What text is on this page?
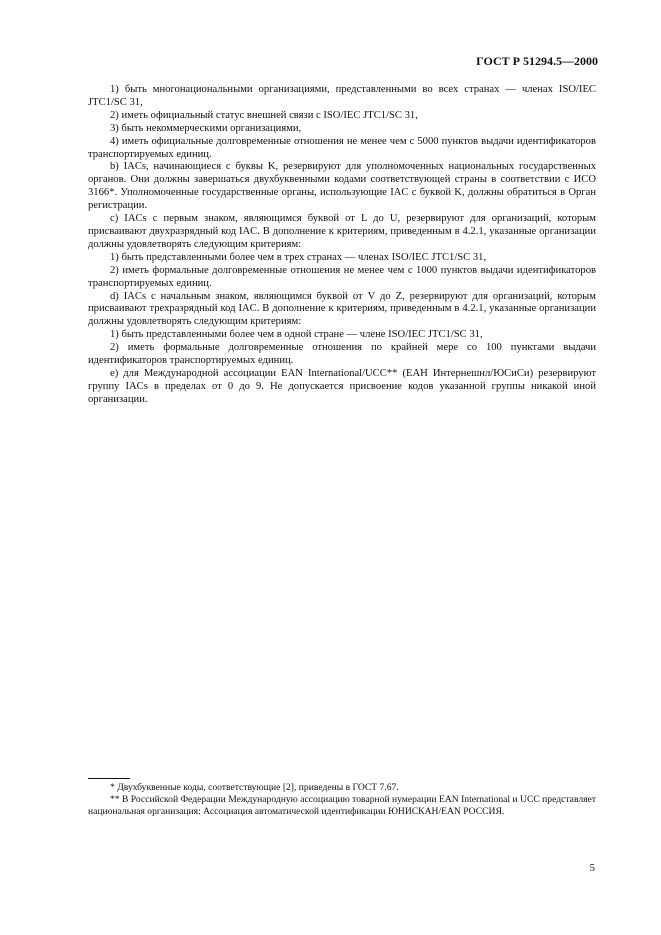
ГОСТ Р 51294.5—2000

1) быть многонациональными организациями, представленными во всех странах — членах ISO/IEC JTC1/SC 31,

2) иметь официальный статус внешней связи с ISO/IEC JTC1/SC 31,

3) быть некоммерческими организациями,

4) иметь официальные долговременные отношения не менее чем с 5000 пунктов выдачи идентификаторов транспортируемых единиц.

b) IACs, начинающиеся с буквы K, резервируют для уполномоченных национальных государственных органов. Они должны завершаться двухбуквенными кодами соответствующей страны в соответствии с ИСО 3166*. Уполномоченные государственные органы, использующие IAC с буквой K, должны обратиться в Орган регистрации.

c) IACs с первым знаком, являющимся буквой от L до U, резервируют для организаций, которым присваивают двухразрядный код IAC. В дополнение к критериям, приведенным в 4.2.1, указанные организации должны удовлетворять следующим критериям:

1) быть представленными более чем в трех странах — членах ISO/IEC JTC1/SC 31,

2) иметь формальные долговременные отношения не менее чем с 1000 пунктов выдачи идентификаторов транспортируемых единиц.

d) IACs с начальным знаком, являющимся буквой от V до Z, резервируют для организаций, которым присваивают трехразрядный код IAC. В дополнение к критериям, приведенным в 4.2.1, указанные организации должны удовлетворять следующим критериям:

1) быть представленными более чем в одной стране — члене ISO/IEC JTC1/SC 31,

2) иметь формальные долговременные отношения по крайней мере со 100 пунктами выдачи идентификаторов транспортируемых единиц.

e) для Международной ассоциации EAN International/UCC** (ЕАН Интернешнл/ЮСиСи) резервируют группу IACs в пределах от 0 до 9. Не допускается присвоение кодов указанной группы никакой иной организации.

* Двухбуквенные коды, соответствующие [2], приведены в ГОСТ 7.67.

** В Российской Федерации Международную ассоциацию товарной нумерации EAN International и UCC представляет национальная организация: Ассоциация автоматической идентификации ЮНИСКАН/EAN РОССИЯ.

5
